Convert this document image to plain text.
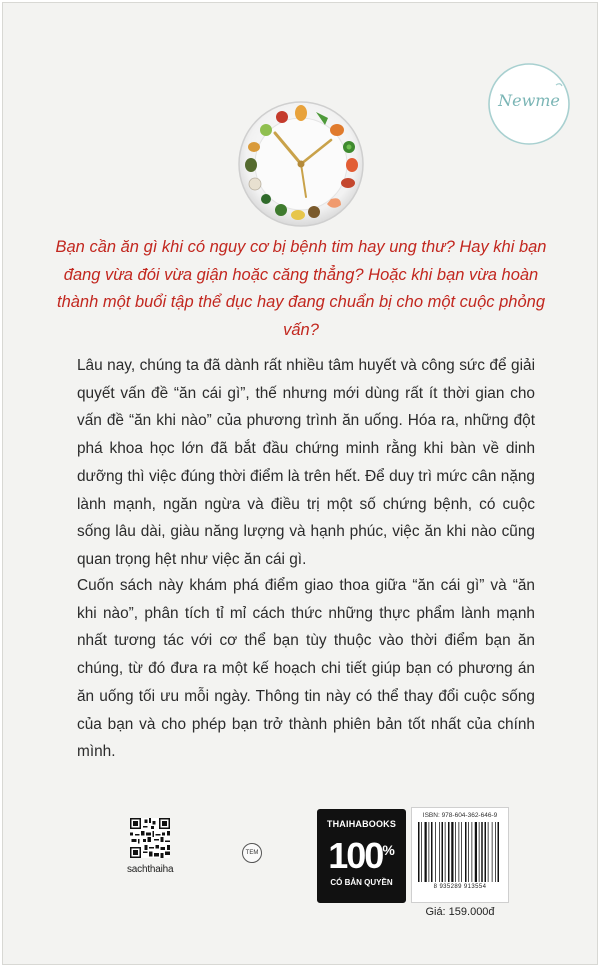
Newme

Bạn cần ăn gì khi có nguy cơ bị bệnh tim hay ung thư? Hay khi bạn đang vừa đói vừa giận hoặc căng thẳng? Hoặc khi bạn vừa hoàn thành một buổi tập thể dục hay đang chuẩn bị cho một cuộc phỏng vấn?

Lâu nay, chúng ta đã dành rất nhiều tâm huyết và công sức để giải quyết vấn đề “ăn cái gì”, thế nhưng mới dùng rất ít thời gian cho vấn đề “ăn khi nào” của phương trình ăn uống. Hóa ra, những đột phá khoa học lớn đã bắt đầu chứng minh rằng khi bàn về dinh dưỡng thì việc đúng thời điểm là trên hết. Để duy trì mức cân nặng lành mạnh, ngăn ngừa và điều trị một số chứng bệnh, có cuộc sống lâu dài, giàu năng lượng và hạnh phúc, việc ăn khi nào cũng quan trọng hệt như việc ăn cái gì.

Cuốn sách này khám phá điểm giao thoa giữa “ăn cái gì” và “ăn khi nào”, phân tích tỉ mỉ cách thức những thực phẩm lành mạnh nhất tương tác với cơ thể bạn tùy thuộc vào thời điểm bạn ăn chúng, từ đó đưa ra một kế hoạch chi tiết giúp bạn có phương án ăn uống tối ưu mỗi ngày. Thông tin này có thể thay đổi cuộc sống của bạn và cho phép bạn trở thành phiên bản tốt nhất của chính mình.

sachthaiha
TEM
THAIHABOOKS
100%
CÓ BẢN QUYỀN
ISBN: 978-604-362-646-9
8 935289 913554
Giá: 159.000đ
